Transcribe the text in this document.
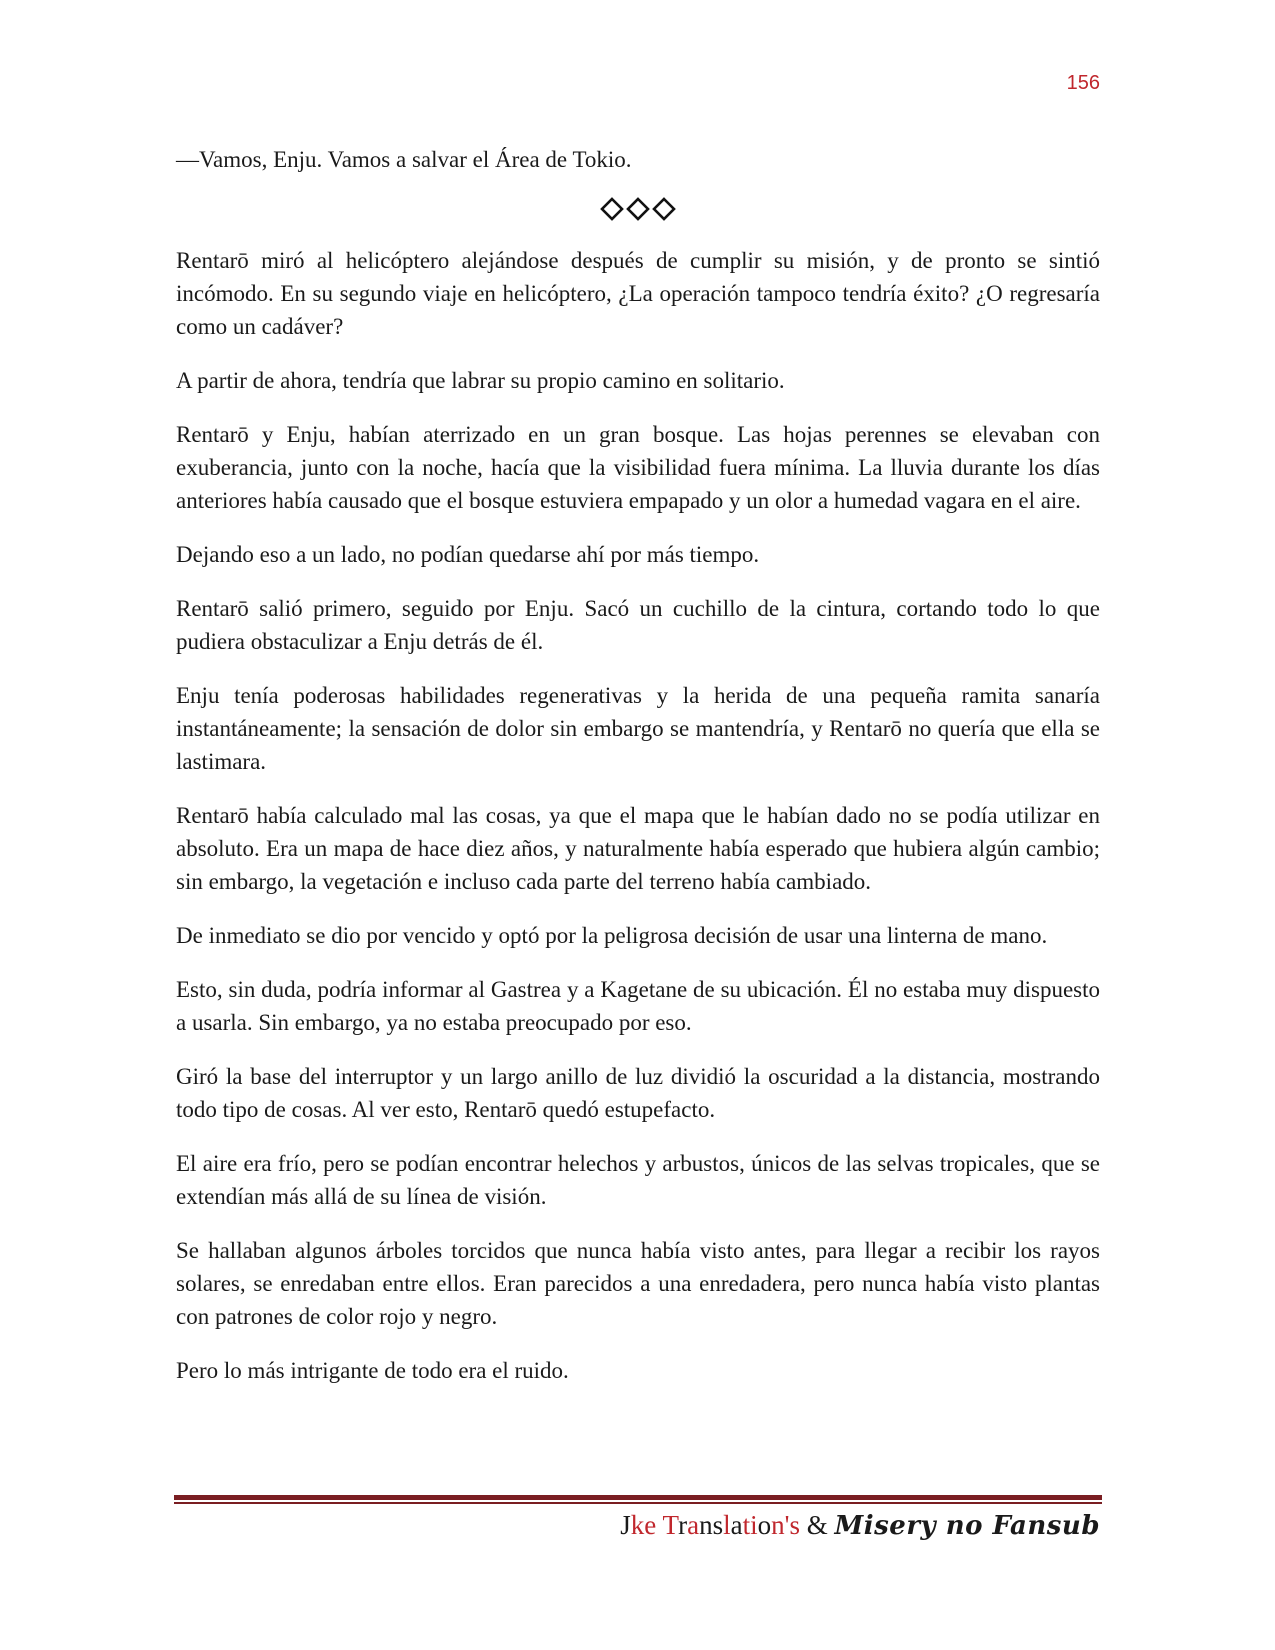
156

—Vamos, Enju. Vamos a salvar el Área de Tokio.

Rentarō miró al helicóptero alejándose después de cumplir su misión, y de pronto se sintió incómodo. En su segundo viaje en helicóptero, ¿La operación tampoco tendría éxito? ¿O regresaría como un cadáver?

A partir de ahora, tendría que labrar su propio camino en solitario.

Rentarō y Enju, habían aterrizado en un gran bosque. Las hojas perennes se elevaban con exuberancia, junto con la noche, hacía que la visibilidad fuera mínima. La lluvia durante los días anteriores había causado que el bosque estuviera empapado y un olor a humedad vagara en el aire.

Dejando eso a un lado, no podían quedarse ahí por más tiempo.

Rentarō salió primero, seguido por Enju. Sacó un cuchillo de la cintura, cortando todo lo que pudiera obstaculizar a Enju detrás de él.

Enju tenía poderosas habilidades regenerativas y la herida de una pequeña ramita sanaría instantáneamente; la sensación de dolor sin embargo se mantendría, y Rentarō no quería que ella se lastimara.

Rentarō había calculado mal las cosas, ya que el mapa que le habían dado no se podía utilizar en absoluto. Era un mapa de hace diez años, y naturalmente había esperado que hubiera algún cambio; sin embargo, la vegetación e incluso cada parte del terreno había cambiado.

De inmediato se dio por vencido y optó por la peligrosa decisión de usar una linterna de mano.

Esto, sin duda, podría informar al Gastrea y a Kagetane de su ubicación. Él no estaba muy dispuesto a usarla. Sin embargo, ya no estaba preocupado por eso.

Giró la base del interruptor y un largo anillo de luz dividió la oscuridad a la distancia, mostrando todo tipo de cosas. Al ver esto, Rentarō quedó estupefacto.

El aire era frío, pero se podían encontrar helechos y arbustos, únicos de las selvas tropicales, que se extendían más allá de su línea de visión.

Se hallaban algunos árboles torcidos que nunca había visto antes, para llegar a recibir los rayos solares, se enredaban entre ellos. Eran parecidos a una enredadera, pero nunca había visto plantas con patrones de color rojo y negro.

Pero lo más intrigante de todo era el ruido.

Jke Translation's & Misery no Fansub
